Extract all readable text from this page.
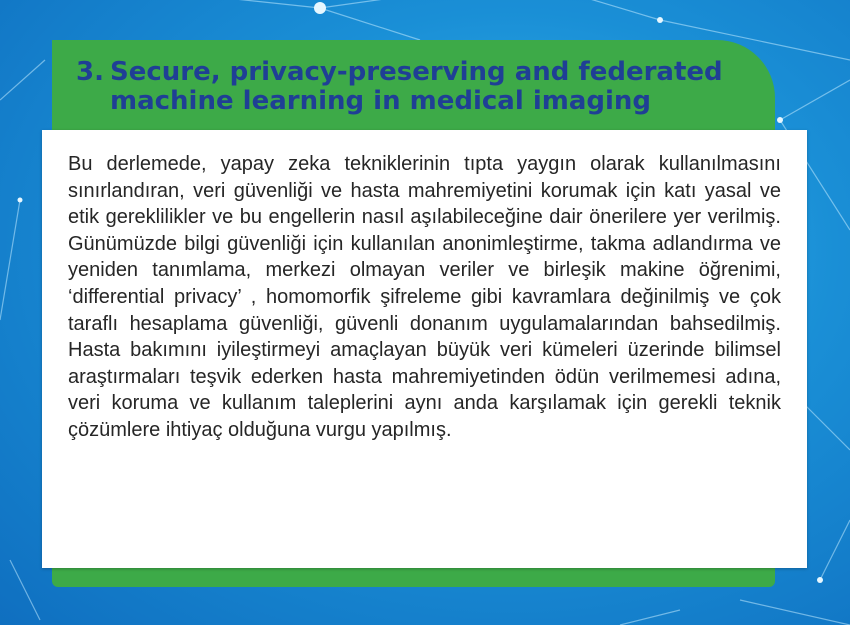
3. Secure, privacy-preserving and federated
machine learning in medical imaging
Bu derlemede, yapay zeka tekniklerinin tıpta yaygın olarak kullanılmasını sınırlandıran, veri güvenliği ve hasta mahremiyetini korumak için katı yasal ve etik gereklilikler ve bu engellerin nasıl aşılabileceğine dair önerilere yer verilmiş. Günümüzde bilgi güvenliği için kullanılan anonimleştirme, takma adlandırma ve yeniden tanımlama, merkezi olmayan veriler ve birleşik makine öğrenimi, ‘differential privacy’ , homomorfik şifreleme gibi kavramlara değinilmiş ve çok taraflı hesaplama güvenliği, güvenli donanım uygulamalarından bahsedilmiş. Hasta bakımını iyileştirmeyi amaçlayan büyük veri kümeleri üzerinde bilimsel araştırmaları teşvik ederken hasta mahremiyetinden ödün verilmemesi adına, veri koruma ve kullanım taleplerini aynı anda karşılamak için gerekli teknik çözümlere ihtiyaç olduğuna vurgu yapılmış.
